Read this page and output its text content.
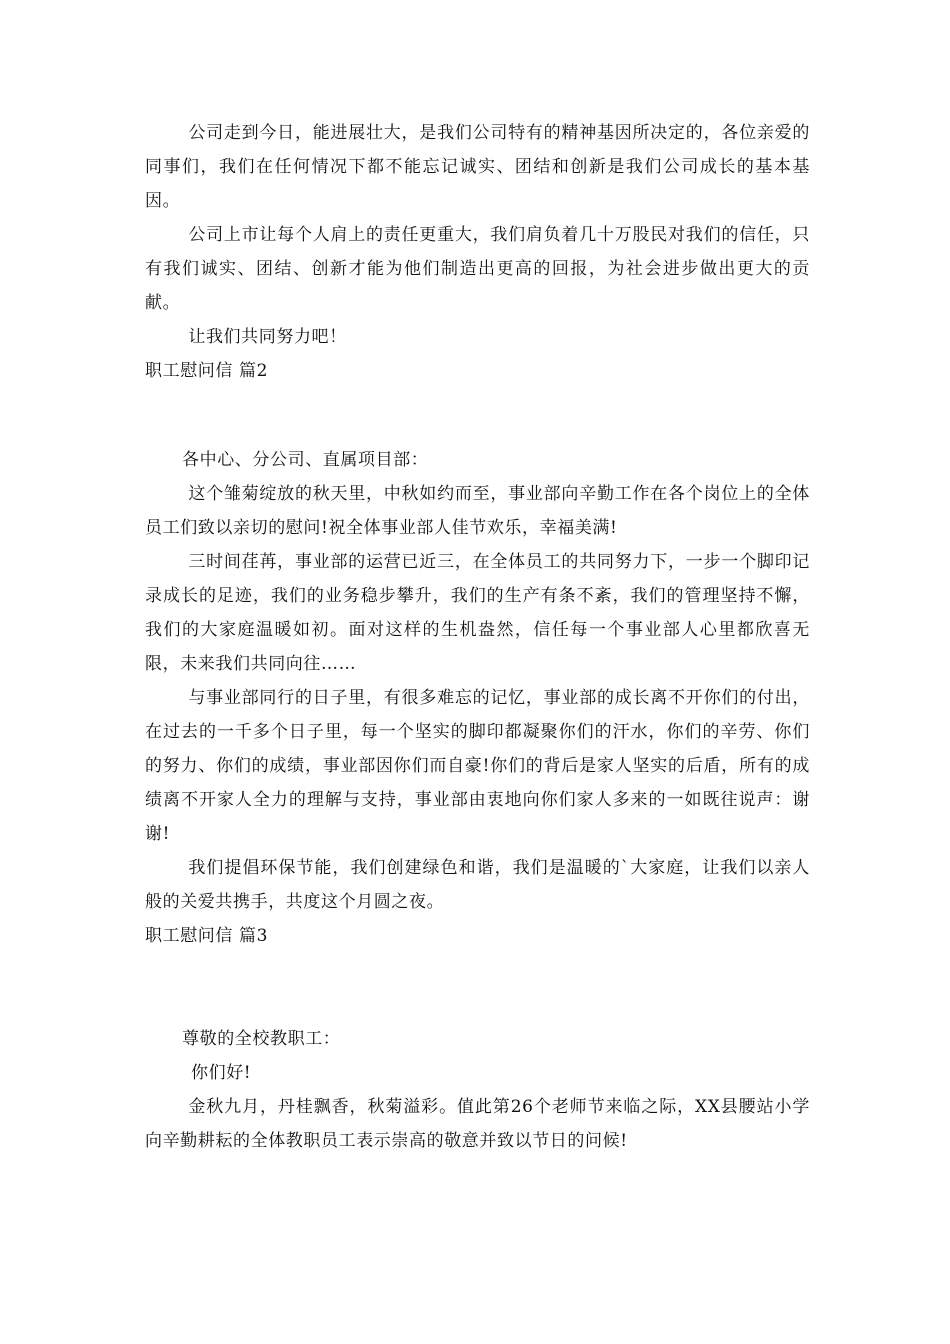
公司走到今日，能进展壮大，是我们公司特有的精神基因所决定的，各位亲爱的同事们，我们在任何情况下都不能忘记诚实、团结和创新是我们公司成长的基本基因。

公司上市让每个人肩上的责任更重大，我们肩负着几十万股民对我们的信任，只有我们诚实、团结、创新才能为他们制造出更高的回报，为社会进步做出更大的贡献。

让我们共同努力吧！

职工慰问信 篇2

各中心、分公司、直属项目部：

这个雏菊绽放的秋天里，中秋如约而至，事业部向辛勤工作在各个岗位上的全体员工们致以亲切的慰问!祝全体事业部人佳节欢乐，幸福美满!

三时间荏苒，事业部的运营已近三，在全体员工的共同努力下，一步一个脚印记录成长的足迹，我们的业务稳步攀升，我们的生产有条不紊，我们的管理坚持不懈，我们的大家庭温暖如初。面对这样的生机盎然，信任每一个事业部人心里都欣喜无限，未来我们共同向往……

与事业部同行的日子里，有很多难忘的记忆，事业部的成长离不开你们的付出，在过去的一千多个日子里，每一个坚实的脚印都凝聚你们的汗水，你们的辛劳、你们的努力、你们的成绩，事业部因你们而自豪!你们的背后是家人坚实的后盾，所有的成绩离不开家人全力的理解与支持，事业部由衷地向你们家人多来的一如既往说声：谢谢!

我们提倡环保节能，我们创建绿色和谐，我们是温暖的`大家庭，让我们以亲人般的关爱共携手，共度这个月圆之夜。

职工慰问信 篇3

尊敬的全校教职工：

你们好!

金秋九月，丹桂飘香，秋菊溢彩。值此第26个老师节来临之际，XX县腰站小学向辛勤耕耘的全体教职员工表示崇高的敬意并致以节日的问候!
